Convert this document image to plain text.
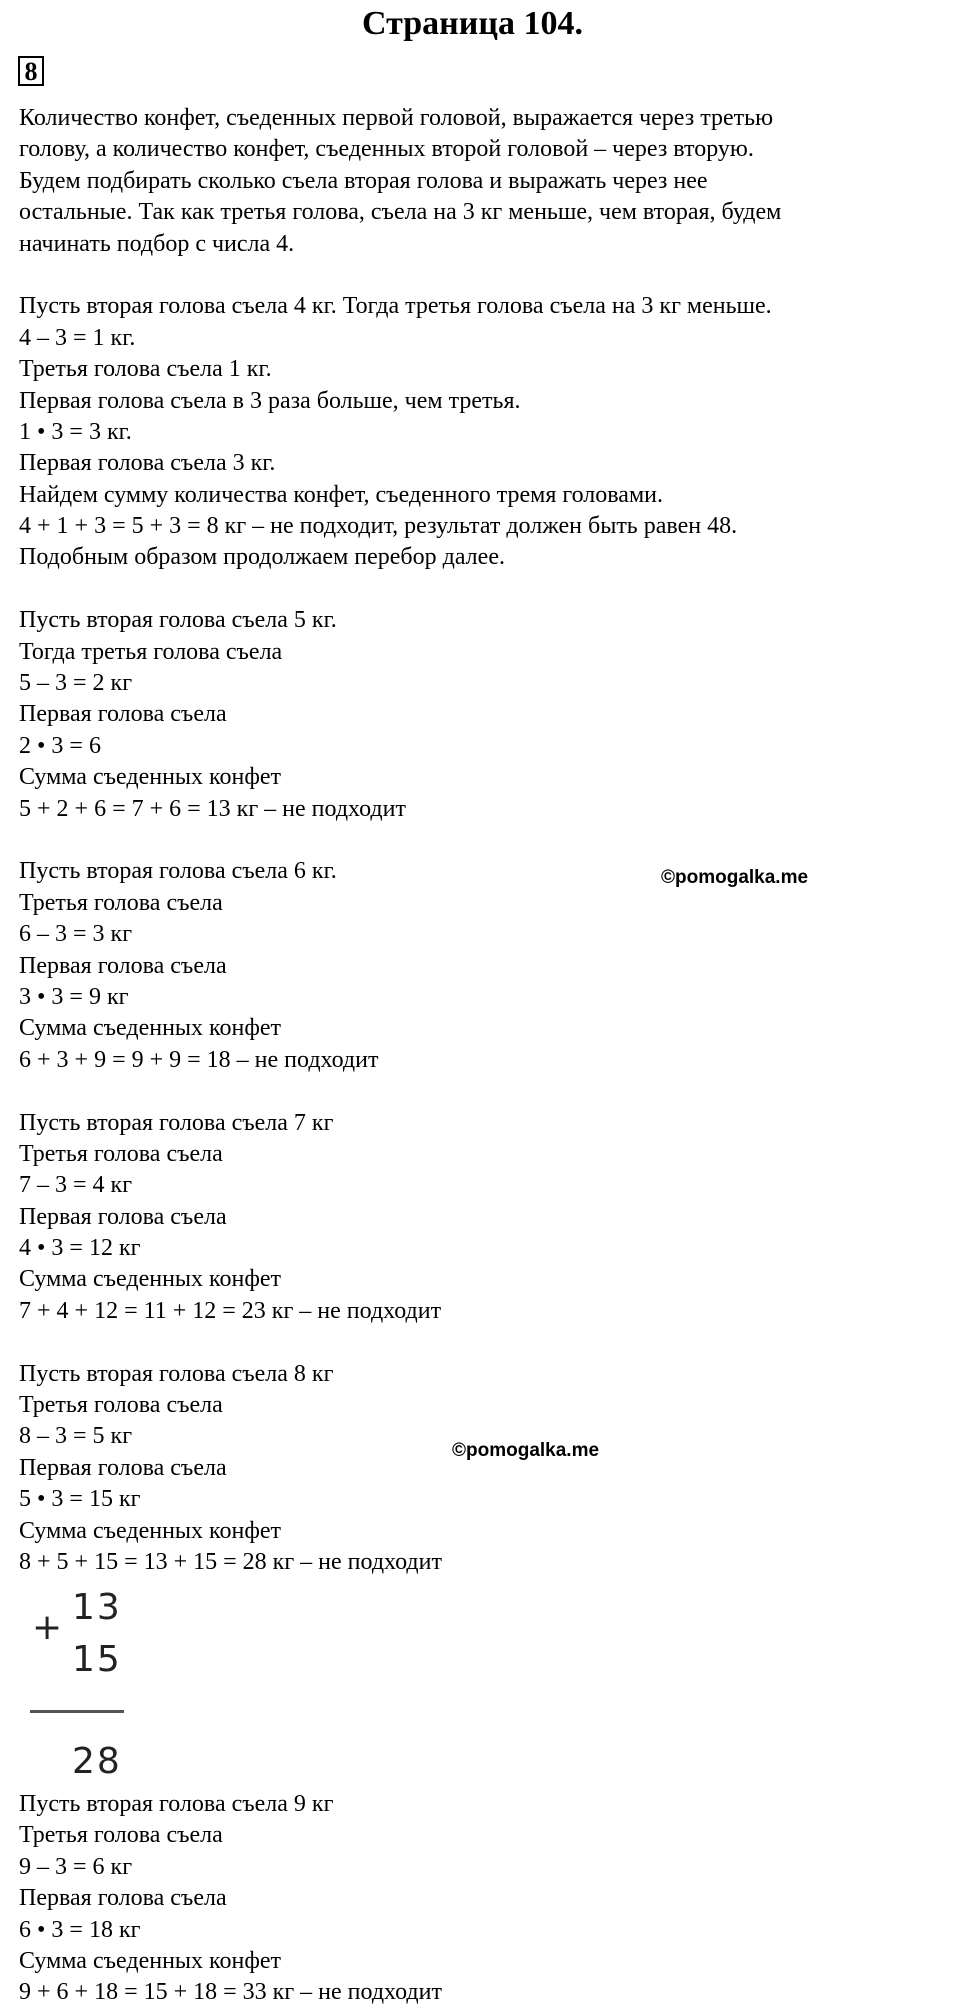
Страница 104.
8
Количество конфет, съеденных первой головой, выражается через третью
голову, а количество конфет, съеденных второй головой – через вторую.
Будем подбирать сколько съела вторая голова и выражать через нее
остальные. Так как третья голова, съела на 3 кг меньше, чем вторая, будем
начинать подбор с числа 4.
Пусть вторая голова съела 4 кг. Тогда третья голова съела на 3 кг меньше.
4 – 3 = 1 кг.
Третья голова съела 1 кг.
Первая голова съела в 3 раза больше, чем третья.
1 • 3 = 3 кг.
Первая голова съела 3 кг.
Найдем сумму количества конфет, съеденного тремя головами.
4 + 1 + 3 = 5 + 3 = 8 кг – не подходит, результат должен быть равен 48.
Подобным образом продолжаем перебор далее.
Пусть вторая голова съела 5 кг.
Тогда третья голова съела
5 – 3 = 2 кг
Первая голова съела
2 • 3 = 6
Сумма съеденных конфет
5 + 2 + 6 = 7 + 6 = 13 кг – не подходит
Пусть вторая голова съела 6 кг.
Третья голова съела
6 – 3 = 3 кг
Первая голова съела
3 • 3 = 9 кг
Сумма съеденных конфет
6 + 3 + 9 = 9 + 9 = 18 – не подходит
Пусть вторая голова съела 7 кг
Третья голова съела
7 – 3 = 4 кг
Первая голова съела
4 • 3 = 12 кг
Сумма съеденных конфет
7 + 4 + 12 = 11 + 12 = 23 кг – не подходит
Пусть вторая голова съела 8 кг
Третья голова съела
8 – 3 = 5 кг
Первая голова съела
5 • 3 = 15 кг
Сумма съеденных конфет
8 + 5 + 15 = 13 + 15 = 28 кг – не подходит
©pomogalka.me
©pomogalka.me
+ 13
15
28
Пусть вторая голова съела 9 кг
Третья голова съела
9 – 3 = 6 кг
Первая голова съела
6 • 3 = 18 кг
Сумма съеденных конфет
9 + 6 + 18 = 15 + 18 = 33 кг – не подходит
